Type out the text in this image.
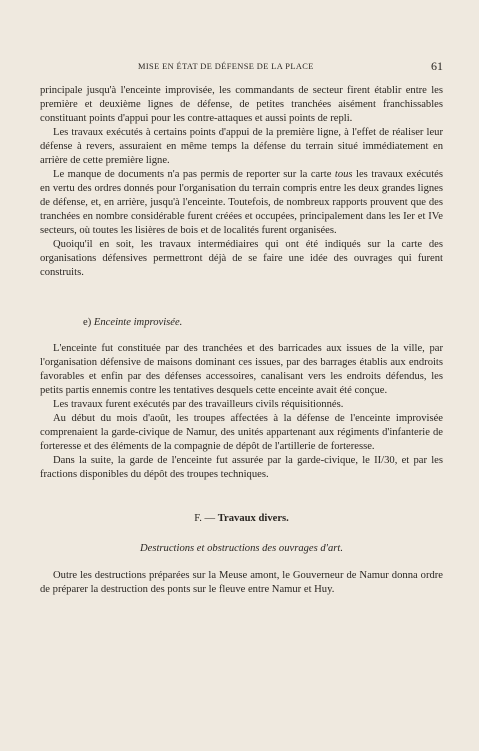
MISE EN ÉTAT DE DÉFENSE DE LA PLACE	61

principale jusqu'à l'enceinte improvisée, les commandants de secteur firent établir entre les première et deuxième lignes de défense, de petites tranchées aisément franchissables constituant points d'appui pour les contre-attaques et aussi points de repli.

Les travaux exécutés à certains points d'appui de la première ligne, à l'effet de réaliser leur défense à revers, assuraient en même temps la défense du terrain situé immédiatement en arrière de cette première ligne.

Le manque de documents n'a pas permis de reporter sur la carte tous les travaux exécutés en vertu des ordres donnés pour l'organisation du terrain compris entre les deux grandes lignes de défense, et, en arrière, jusqu'à l'enceinte. Toutefois, de nombreux rapports prouvent que des tranchées en nombre considérable furent créées et occupées, principalement dans les Ier et IVe secteurs, où toutes les lisières de bois et de localités furent organisées.

Quoiqu'il en soit, les travaux intermédiaires qui ont été indiqués sur la carte des organisations défensives permettront déjà de se faire une idée des ouvrages qui furent construits.

e) Enceinte improvisée.

L'enceinte fut constituée par des tranchées et des barricades aux issues de la ville, par l'organisation défensive de maisons dominant ces issues, par des barrages établis aux endroits favorables et enfin par des défenses accessoires, canalisant vers les endroits défendus, les petits partis ennemis contre les tentatives desquels cette enceinte avait été conçue.

Les travaux furent exécutés par des travailleurs civils réquisitionnés.

Au début du mois d'août, les troupes affectées à la défense de l'enceinte improvisée comprenaient la garde-civique de Namur, des unités appartenant aux régiments d'infanterie de forteresse et des éléments de la compagnie de dépôt de l'artillerie de forteresse.

Dans la suite, la garde de l'enceinte fut assurée par la garde-civique, le II/30, et par les fractions disponibles du dépôt des troupes techniques.

F. — Travaux divers.
Destructions et obstructions des ouvrages d'art.

Outre les destructions préparées sur la Meuse amont, le Gouverneur de Namur donna ordre de préparer la destruction des ponts sur le fleuve entre Namur et Huy.
